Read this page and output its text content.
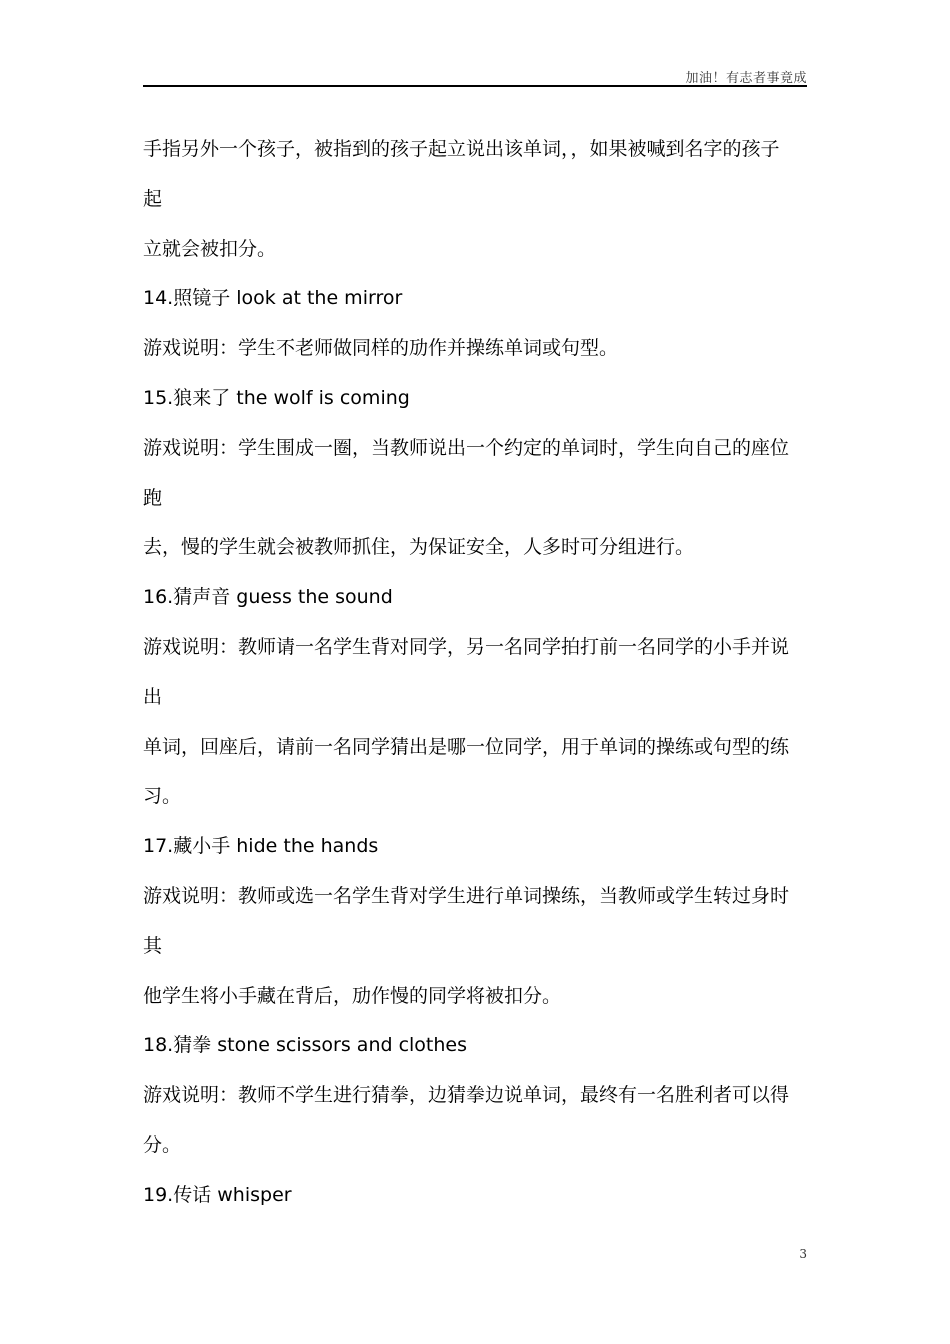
加油！有志者事竟成
手指另外一个孩子，被指到的孩子起立说出该单词，，如果被喊到名字的孩子
起
立就会被扣分。
14.照镜子 look at the mirror
游戏说明：学生不老师做同样的劢作并操练单词或句型。
15.狼来了 the wolf is coming
游戏说明：学生围成一圈，当教师说出一个约定的单词时，学生向自己的座位
跑
去，慢的学生就会被教师抓住，为保证安全，人多时可分组进行。
16.猜声音 guess the sound
游戏说明：教师请一名学生背对同学，另一名同学拍打前一名同学的小手并说
出
单词，回座后，请前一名同学猜出是哪一位同学，用于单词的操练或句型的练
习。
17.藏小手 hide the hands
游戏说明：教师或选一名学生背对学生进行单词操练，当教师或学生转过身时
其
他学生将小手藏在背后，劢作慢的同学将被扣分。
18.猜拳 stone scissors and clothes
游戏说明：教师不学生进行猜拳，边猜拳边说单词，最终有一名胜利者可以得
分。
19.传话 whisper
3
